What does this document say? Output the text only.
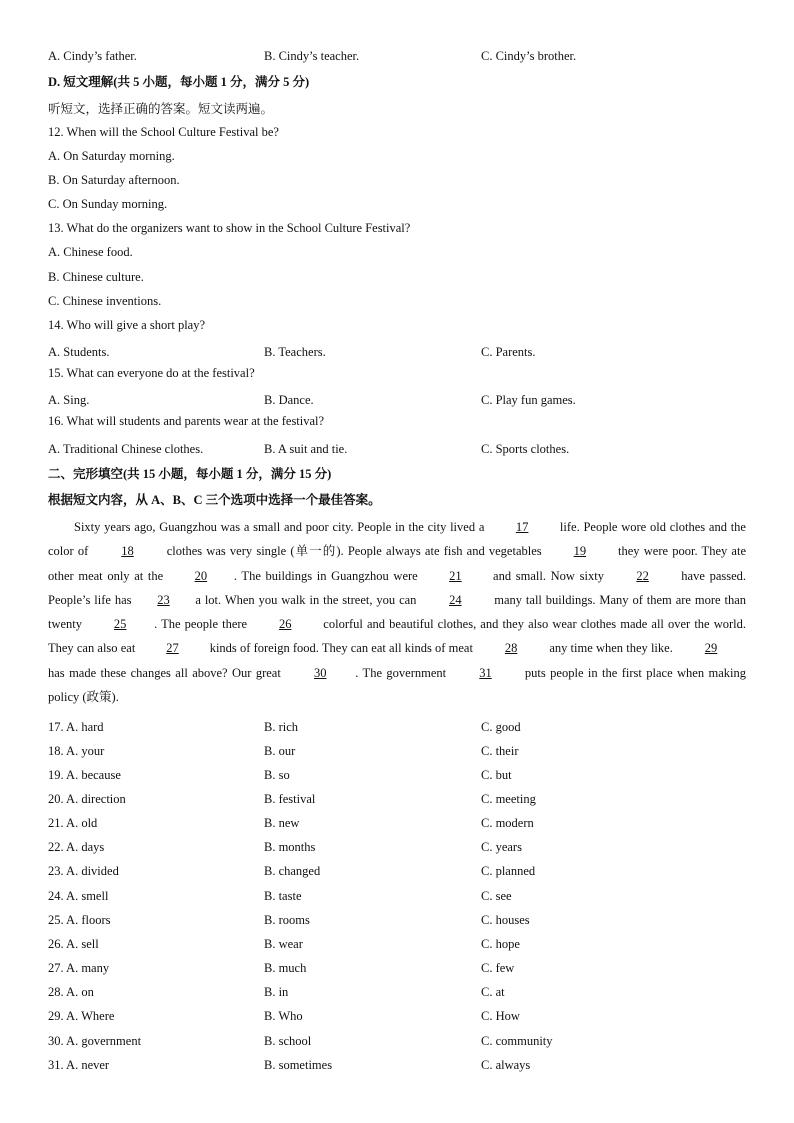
A. Cindy’s father.	B. Cindy’s teacher.	C. Cindy’s brother.
D. 短文理解(共 5 小题，每小题 1 分，满分 5 分)
听短文，选择正确的答案。短文读两遍。
12. When will the School Culture Festival be?
A. On Saturday morning.
B. On Saturday afternoon.
C. On Sunday morning.
13. What do the organizers want to show in the School Culture Festival?
A. Chinese food.
B. Chinese culture.
C. Chinese inventions.
14. Who will give a short play?
A. Students.	B. Teachers.	C. Parents.
15. What can everyone do at the festival?
A. Sing.	B. Dance.	C. Play fun games.
16. What will students and parents wear at the festival?
A. Traditional Chinese clothes.	B. A suit and tie.	C. Sports clothes.
二、完形填空(共 15 小题，每小题 1 分，满分 15 分)
根据短文内容，从 A、B、C 三个选项中选择一个最佳答案。
Sixty years ago, Guangzhou was a small and poor city. People in the city lived a 17 life. People wore old clothes and the color of 18 clothes was very single (单一的). People always ate fish and vegetables 19 they were poor. They ate other meat only at the 20 . The buildings in Guangzhou were 21 and small. Now sixty 22 have passed. People’s life has 23 a lot. When you walk in the street, you can 24 many tall buildings. Many of them are more than twenty 25 . The people there 26 colorful and beautiful clothes, and they also wear clothes made all over the world. They can also eat 27 kinds of foreign food. They can eat all kinds of meat 28 any time when they like. 29 has made these changes all above? Our great 30 . The government 31 puts people in the first place when making policy (政策).
17. A. hard	B. rich	C. good
18. A. your	B. our	C. their
19. A. because	B. so	C. but
20. A. direction	B. festival	C. meeting
21. A. old	B. new	C. modern
22. A. days	B. months	C. years
23. A. divided	B. changed	C. planned
24. A. smell	B. taste	C. see
25. A. floors	B. rooms	C. houses
26. A. sell	B. wear	C. hope
27. A. many	B. much	C. few
28. A. on	B. in	C. at
29. A. Where	B. Who	C. How
30. A. government	B. school	C. community
31. A. never	B. sometimes	C. always
